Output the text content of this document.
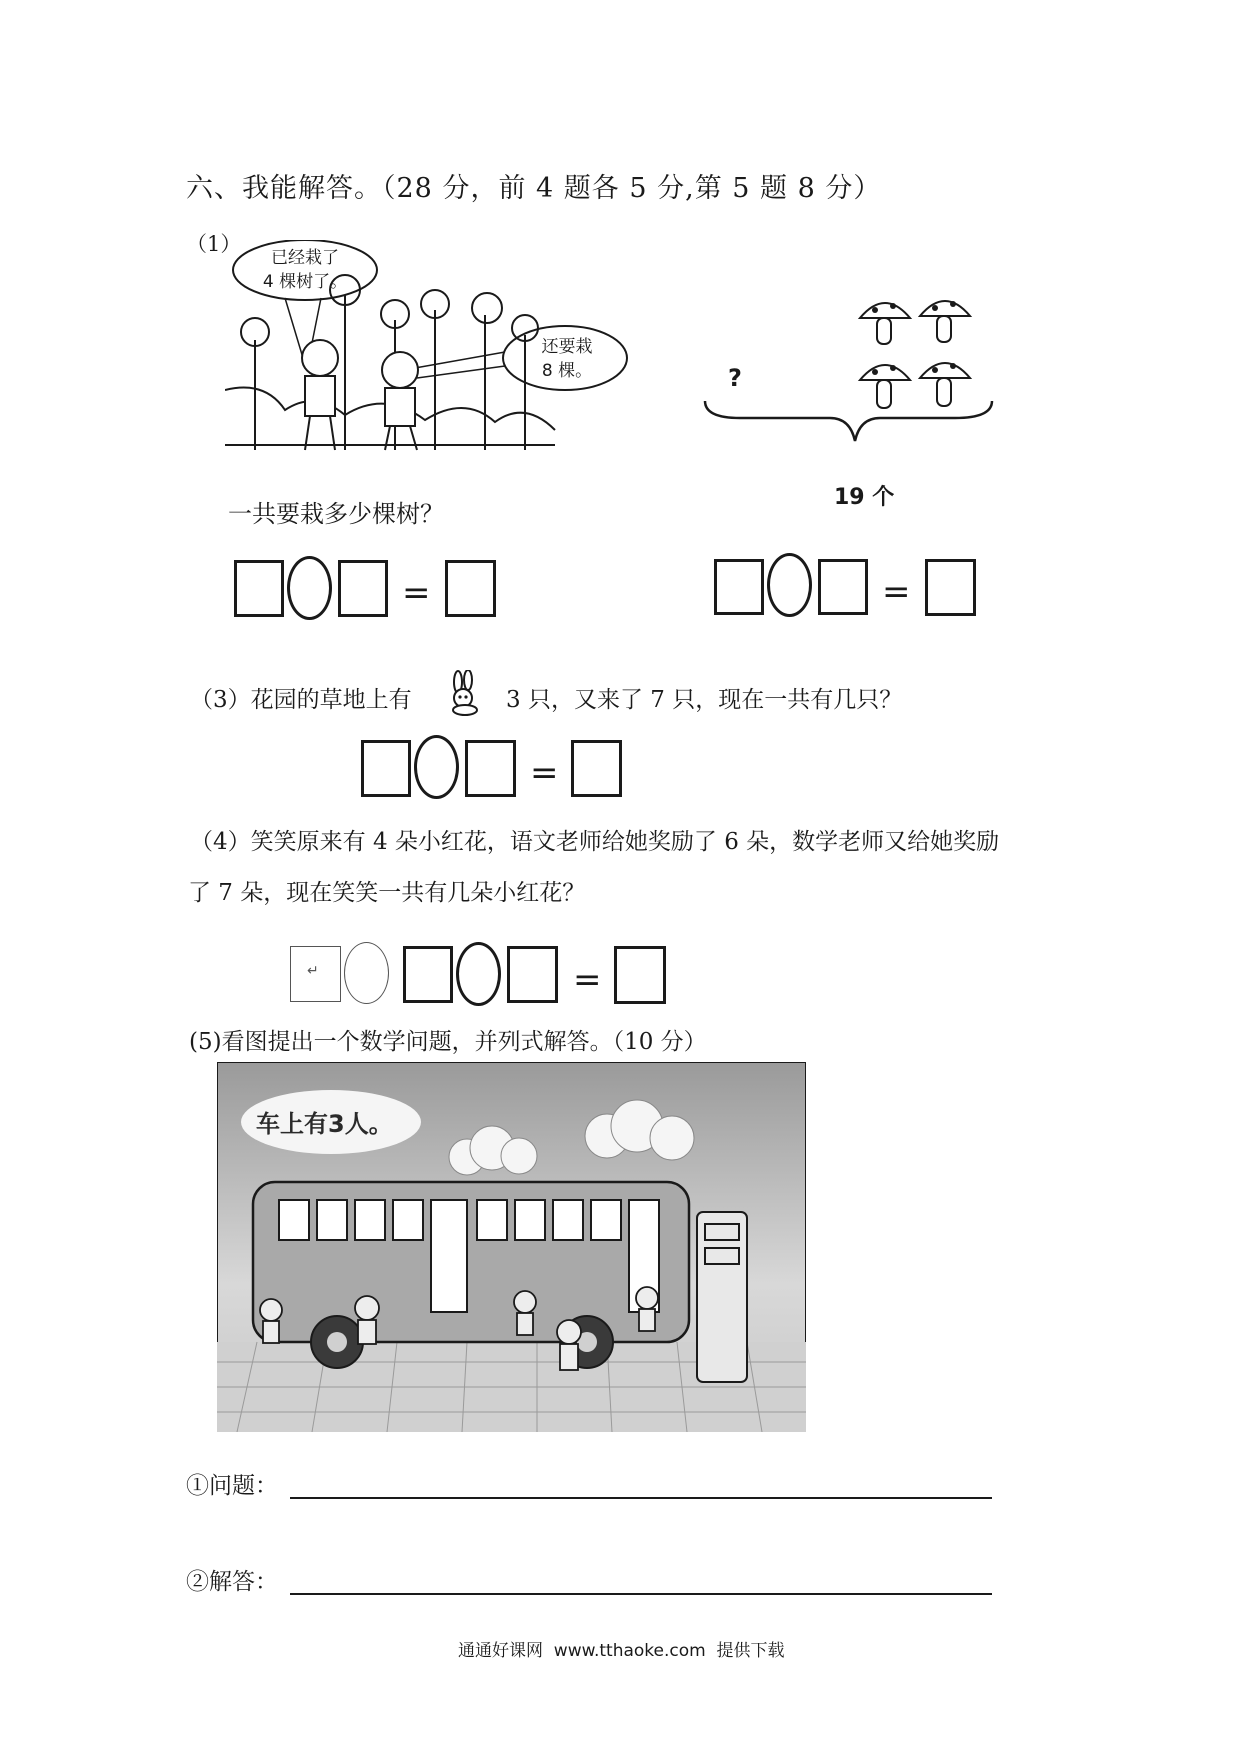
六、我能解答。（28 分，前 4 题各 5 分,第 5 题 8 分）
（1）
已经栽了
4 棵树了。
还要栽
8 棵。
一共要栽多少棵树？
=
?
19 个
=
（3）花园的草地上有	3 只，又来了 7 只，现在一共有几只？
=
（4）笑笑原来有 4 朵小红花，语文老师给她奖励了 6 朵，数学老师又给她奖励
了 7 朵，现在笑笑一共有几朵小红花？
↵	=
(5)看图提出一个数学问题，并列式解答。（10 分）
车上有3人。
①问题：
②解答：
通通好课网  www.tthaoke.com  提供下载
